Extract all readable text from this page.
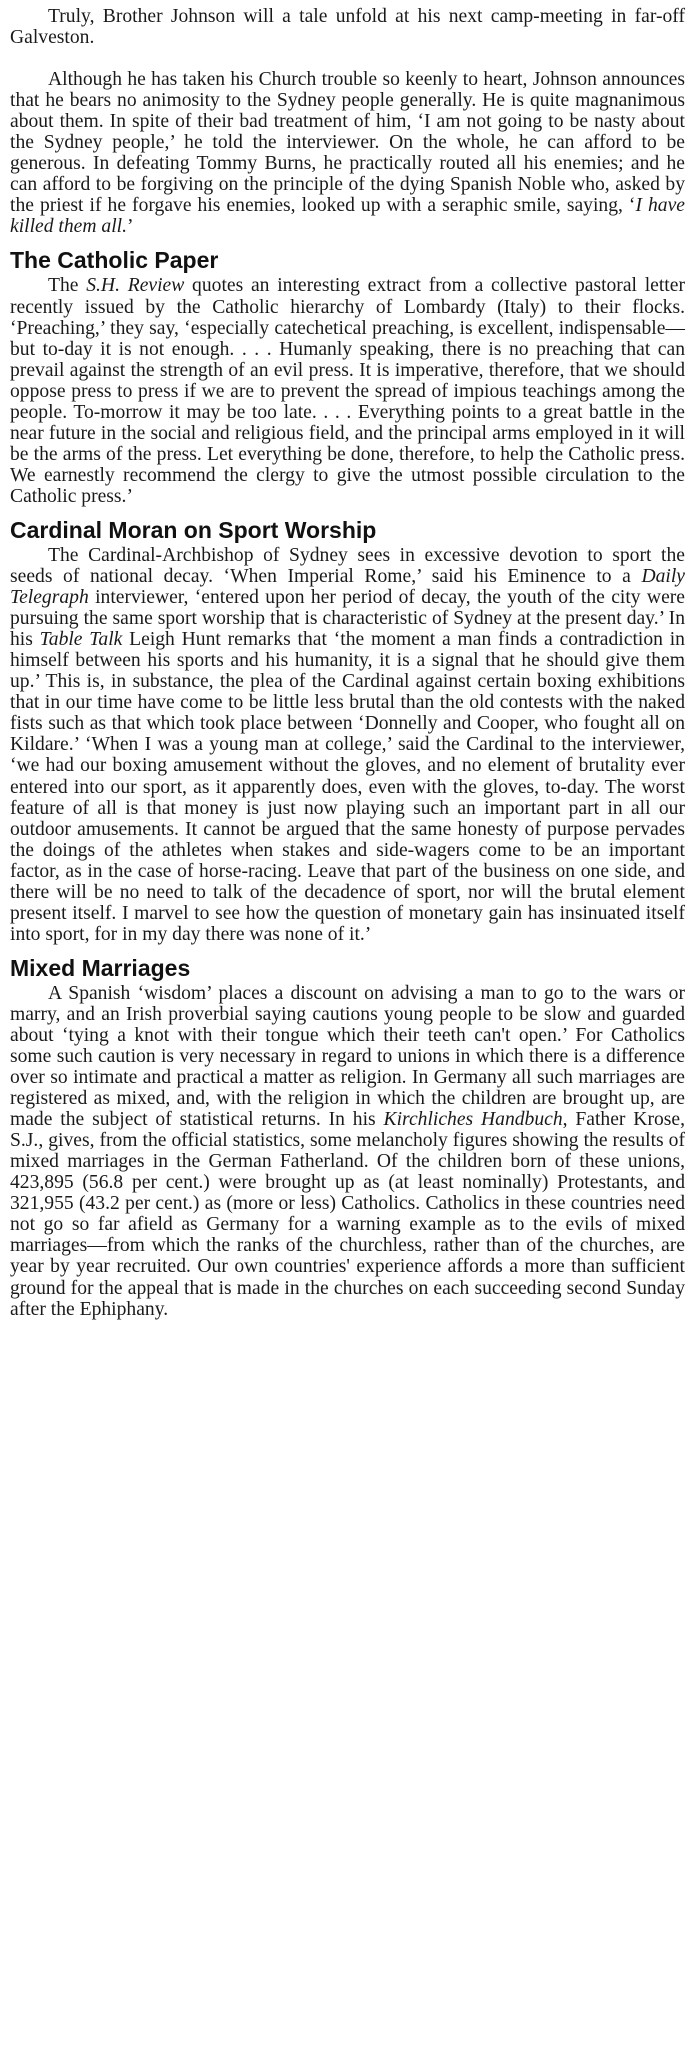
Truly, Brother Johnson will a tale unfold at his next camp-meeting in far-off Galveston.

Although he has taken his Church trouble so keenly to heart, Johnson announces that he bears no animosity to the Sydney people generally. He is quite magnanimous about them. In spite of their bad treatment of him, ‘I am not going to be nasty about the Sydney people,’ he told the interviewer. On the whole, he can afford to be generous. In defeating Tommy Burns, he practically routed all his enemies; and he can afford to be forgiving on the principle of the dying Spanish Noble who, asked by the priest if he forgave his enemies, looked up with a seraphic smile, saying, ‘I have killed them all.’

The Catholic Paper

The S.H. Review quotes an interesting extract from a collective pastoral letter recently issued by the Catholic hierarchy of Lombardy (Italy) to their flocks. ‘Preaching,’ they say, ‘especially catechetical preaching, is excellent, indispensable—but to-day it is not enough. . . . Humanly speaking, there is no preaching that can prevail against the strength of an evil press. It is imperative, therefore, that we should oppose press to press if we are to prevent the spread of impious teachings among the people. To-morrow it may be too late. . . . Everything points to a great battle in the near future in the social and religious field, and the principal arms employed in it will be the arms of the press. Let everything be done, therefore, to help the Catholic press. We earnestly recommend the clergy to give the utmost possible circulation to the Catholic press.’

Cardinal Moran on Sport Worship

The Cardinal-Archbishop of Sydney sees in excessive devotion to sport the seeds of national decay. ‘When Imperial Rome,’ said his Eminence to a Daily Telegraph interviewer, ‘entered upon her period of decay, the youth of the city were pursuing the same sport worship that is characteristic of Sydney at the present day.’ In his Table Talk Leigh Hunt remarks that ‘the moment a man finds a contradiction in himself between his sports and his humanity, it is a signal that he should give them up.’ This is, in substance, the plea of the Cardinal against certain boxing exhibitions that in our time have come to be little less brutal than the old contests with the naked fists such as that which took place between ‘Donnelly and Cooper, who fought all on Kildare.’ ‘When I was a young man at college,’ said the Cardinal to the interviewer, ‘we had our boxing amusement without the gloves, and no element of brutality ever entered into our sport, as it apparently does, even with the gloves, to-day. The worst feature of all is that money is just now playing such an important part in all our outdoor amusements. It cannot be argued that the same honesty of purpose pervades the doings of the athletes when stakes and side-wagers come to be an important factor, as in the case of horse-racing. Leave that part of the business on one side, and there will be no need to talk of the decadence of sport, nor will the brutal element present itself. I marvel to see how the question of monetary gain has insinuated itself into sport, for in my day there was none of it.’

Mixed Marriages

A Spanish ‘wisdom’ places a discount on advising a man to go to the wars or marry, and an Irish proverbial saying cautions young people to be slow and guarded about ‘tying a knot with their tongue which their teeth can't open.’ For Catholics some such caution is very necessary in regard to unions in which there is a difference over so intimate and practical a matter as religion. In Germany all such marriages are registered as mixed, and, with the religion in which the children are brought up, are made the subject of statistical returns. In his Kirchliches Handbuch, Father Krose, S.J., gives, from the official statistics, some melancholy figures showing the results of mixed marriages in the German Fatherland. Of the children born of these unions, 423,895 (56.8 per cent.) were brought up as (at least nominally) Protestants, and 321,955 (43.2 per cent.) as (more or less) Catholics. Catholics in these countries need not go so far afield as Germany for a warning example as to the evils of mixed marriages—from which the ranks of the churchless, rather than of the churches, are year by year recruited. Our own countries' experience affords a more than sufficient ground for the appeal that is made in the churches on each succeeding second Sunday after the Ephiphany.
